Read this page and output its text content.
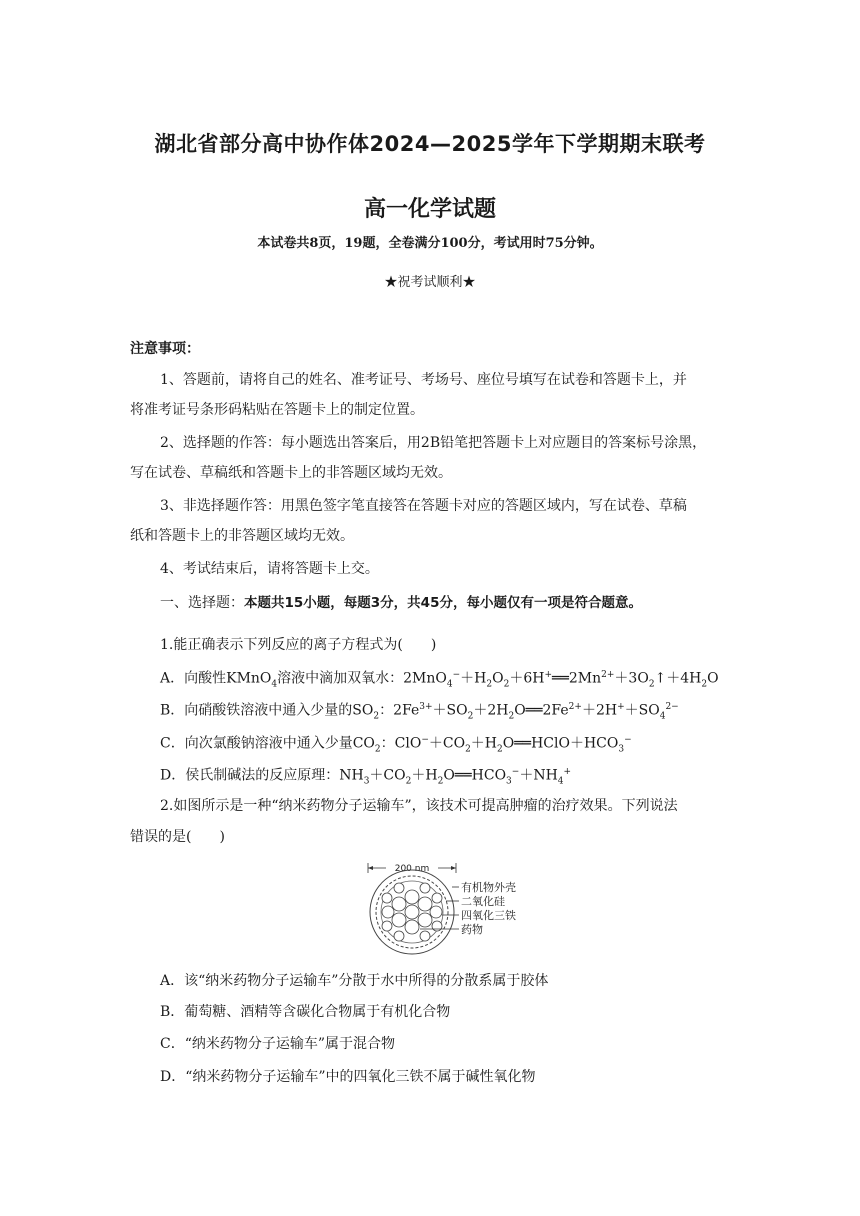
湖北省部分高中协作体2024—2025学年下学期期末联考
高一化学试题
本试卷共8页，19题，全卷满分100分，考试用时75分钟。
★祝考试顺利★
注意事项：
1、答题前，请将自己的姓名、准考证号、考场号、座位号填写在试卷和答题卡上，并
将准考证号条形码粘贴在答题卡上的制定位置。
2、选择题的作答：每小题选出答案后，用2B铅笔把答题卡上对应题目的答案标号涂黑，
写在试卷、草稿纸和答题卡上的非答题区域均无效。
3、非选择题作答：用黑色签字笔直接答在答题卡对应的答题区域内，写在试卷、草稿
纸和答题卡上的非答题区域均无效。
4、考试结束后，请将答题卡上交。
一、选择题：本题共15小题，每题3分，共45分，每小题仅有一项是符合题意。
1.能正确表示下列反应的离子方程式为(　　)
A．向酸性KMnO$_4$溶液中滴加双氧水：$2MnO_4^-+H_2O_2+6H^+══2Mn^{2+}+3O_2↑+4H_2O$
B．向硝酸铁溶液中通入少量的$SO_2$：$2Fe^{3+}+SO_2+2H_2O══2Fe^{2+}+2H^++SO_4^{2-}$
C．向次氯酸钠溶液中通入少量$CO_2$：$ClO^-+CO_2+H_2O══HClO+HCO_3^-$
D．侯氏制碱法的反应原理：$NH_3+CO_2+H_2O══HCO_3^-+NH_4^+$
2.如图所示是一种“纳米药物分子运输车”，该技术可提高肿瘤的治疗效果。下列说法
错误的是(　　)
200 nm
有机物外壳
二氧化硅
四氧化三铁
药物
A．该“纳米药物分子运输车”分散于水中所得的分散系属于胶体
B．葡萄糖、酒精等含碳化合物属于有机化合物
C．“纳米药物分子运输车”属于混合物
D．“纳米药物分子运输车”中的四氧化三铁不属于碱性氧化物
